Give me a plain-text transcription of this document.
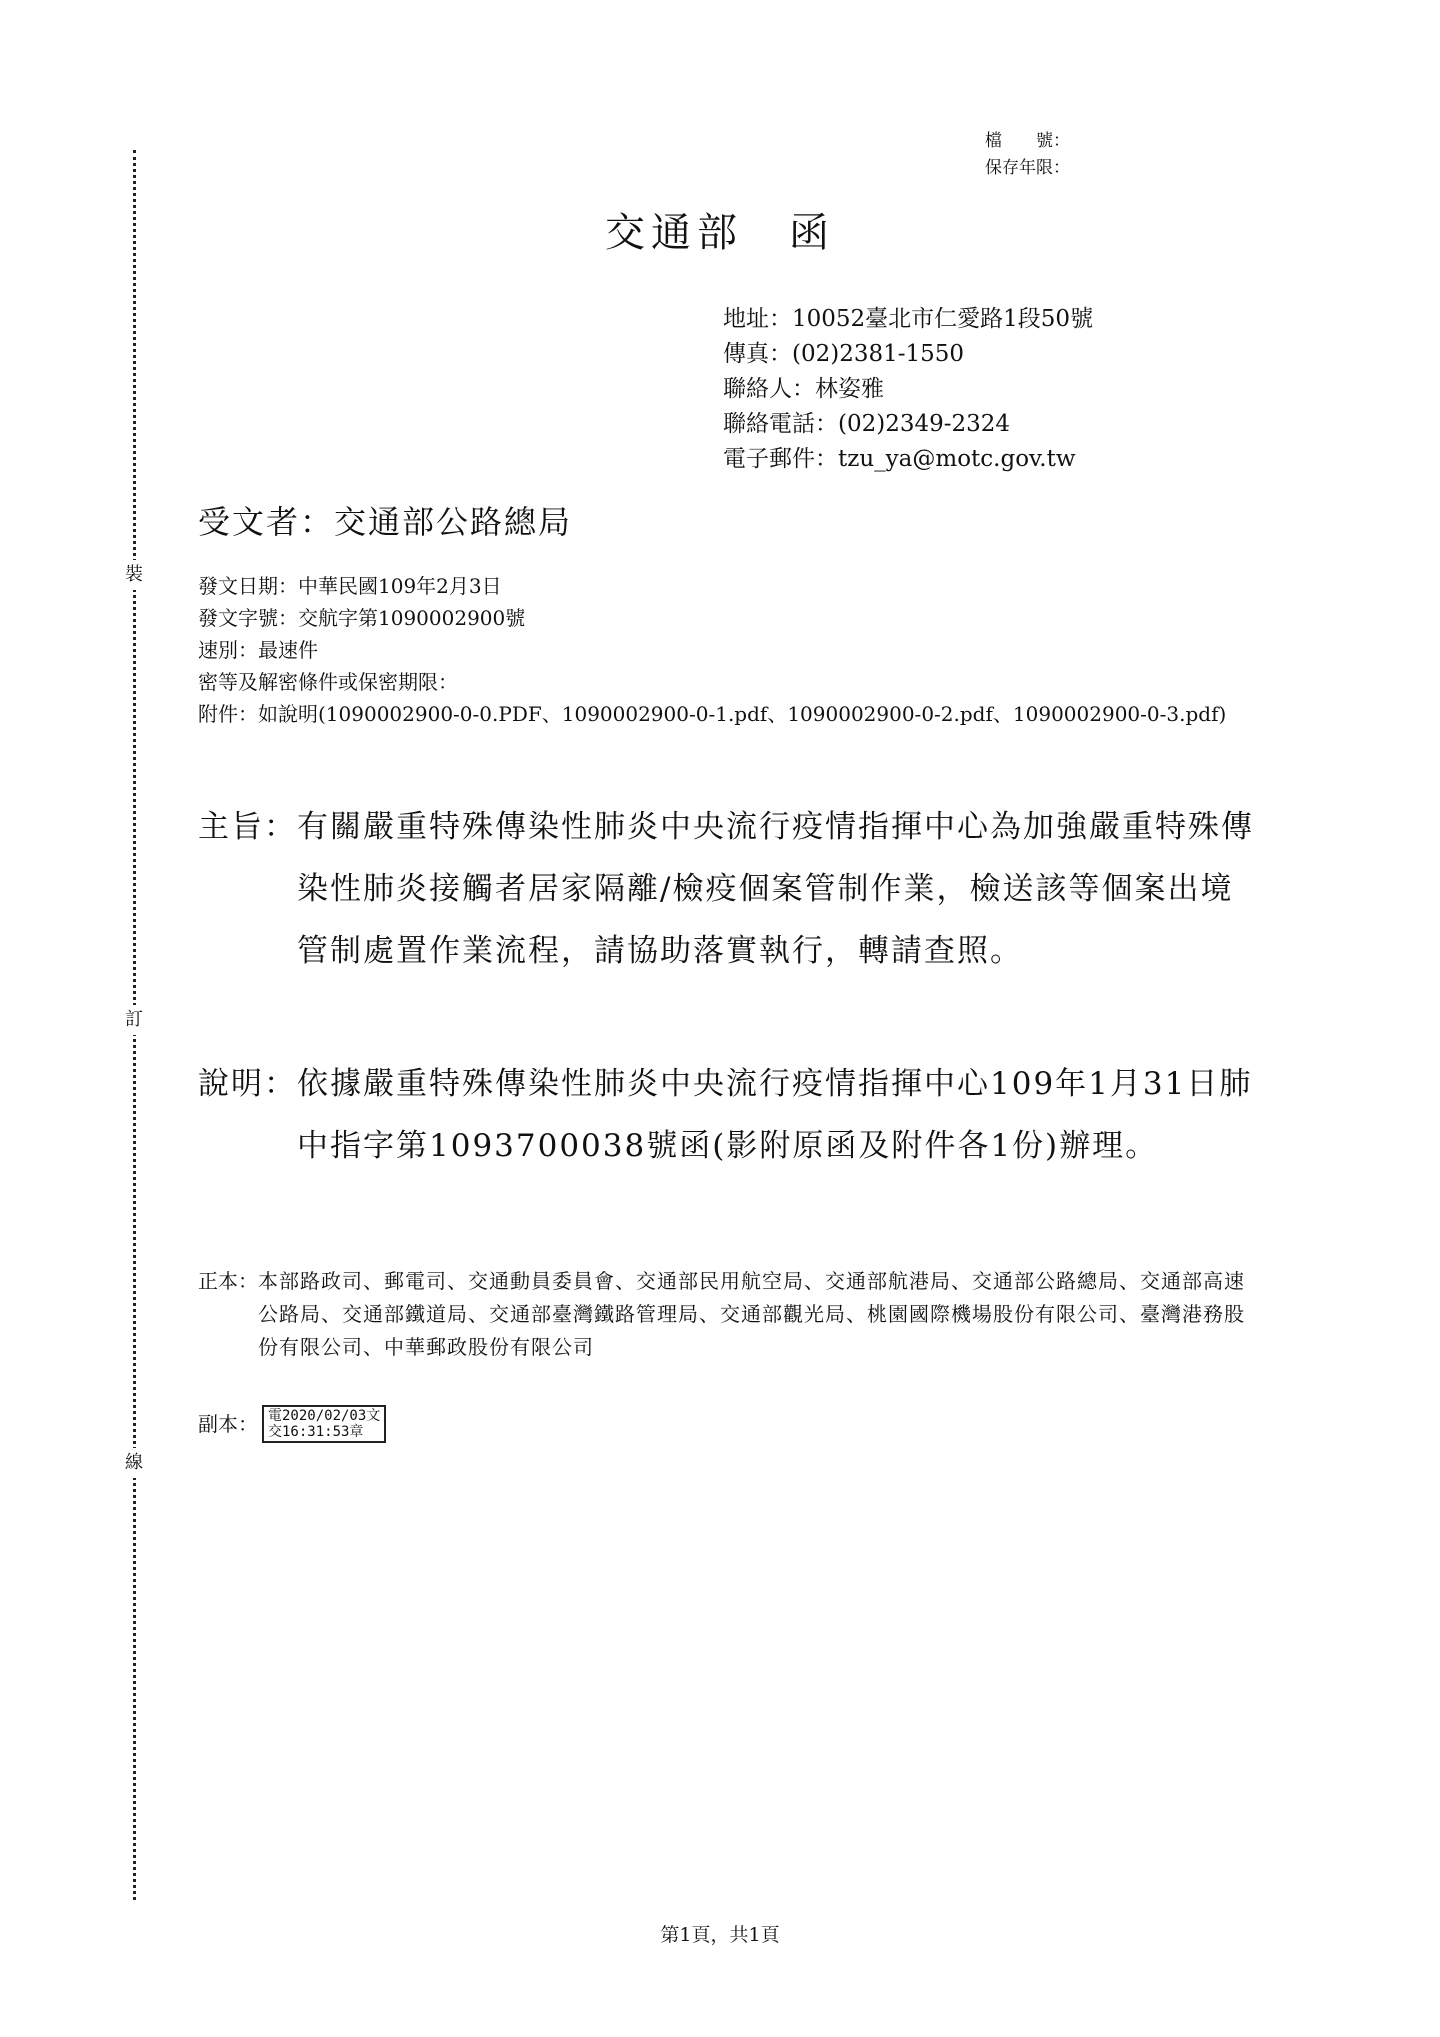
裝
訂
線
檔　　號：
保存年限：
交通部　函
地址：10052臺北市仁愛路1段50號
傳真：(02)2381-1550
聯絡人：林姿雅
聯絡電話：(02)2349-2324
電子郵件：tzu_ya@motc.gov.tw
受文者：交通部公路總局
發文日期： 中華民國109年2月3日
發文字號： 交航字第1090002900號
速別： 最速件
密等及解密條件或保密期限：
附件： 如說明(1090002900-0-0.PDF、1090002900-0-1.pdf、1090002900-0-2.pdf、1090002900-0-3.pdf)
主旨： 有關嚴重特殊傳染性肺炎中央流行疫情指揮中心為加強嚴重特殊傳染性肺炎接觸者居家隔離/檢疫個案管制作業，檢送該等個案出境管制處置作業流程，請協助落實執行，轉請查照。
說明： 依據嚴重特殊傳染性肺炎中央流行疫情指揮中心109年1月31日肺中指字第1093700038號函(影附原函及附件各1份)辦理。
正本： 本部路政司、郵電司、交通動員委員會、交通部民用航空局、交通部航港局、交通部公路總局、交通部高速公路局、交通部鐵道局、交通部臺灣鐵路管理局、交通部觀光局、桃園國際機場股份有限公司、臺灣港務股份有限公司、中華郵政股份有限公司
副本： 電2020/02/03文
交16:31:53章
第1頁，共1頁
